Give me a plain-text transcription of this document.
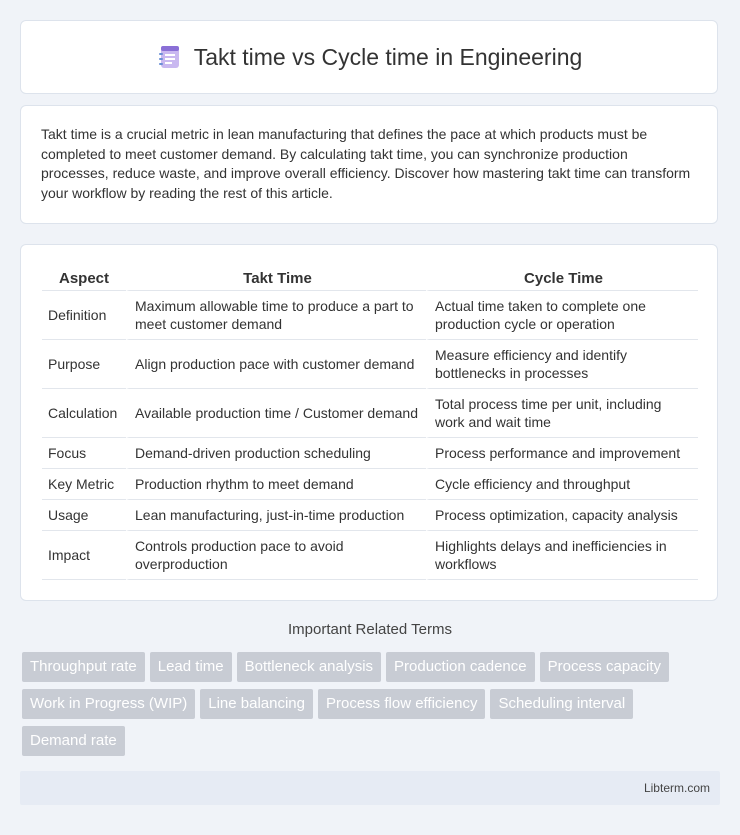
Takt time vs Cycle time in Engineering

Takt time is a crucial metric in lean manufacturing that defines the pace at which products must be completed to meet customer demand. By calculating takt time, you can synchronize production processes, reduce waste, and improve overall efficiency. Discover how mastering takt time can transform your workflow by reading the rest of this article.

Aspect	Takt Time	Cycle Time
Definition	Maximum allowable time to produce a part to meet customer demand	Actual time taken to complete one production cycle or operation
Purpose	Align production pace with customer demand	Measure efficiency and identify bottlenecks in processes
Calculation	Available production time / Customer demand	Total process time per unit, including work and wait time
Focus	Demand-driven production scheduling	Process performance and improvement
Key Metric	Production rhythm to meet demand	Cycle efficiency and throughput
Usage	Lean manufacturing, just-in-time production	Process optimization, capacity analysis
Impact	Controls production pace to avoid overproduction	Highlights delays and inefficiencies in workflows
Important Related Terms
Throughput rate	Lead time	Bottleneck analysis	Production cadence	Process capacity
Work in Progress (WIP)	Line balancing	Process flow efficiency	Scheduling interval
Demand rate
Libterm.com
